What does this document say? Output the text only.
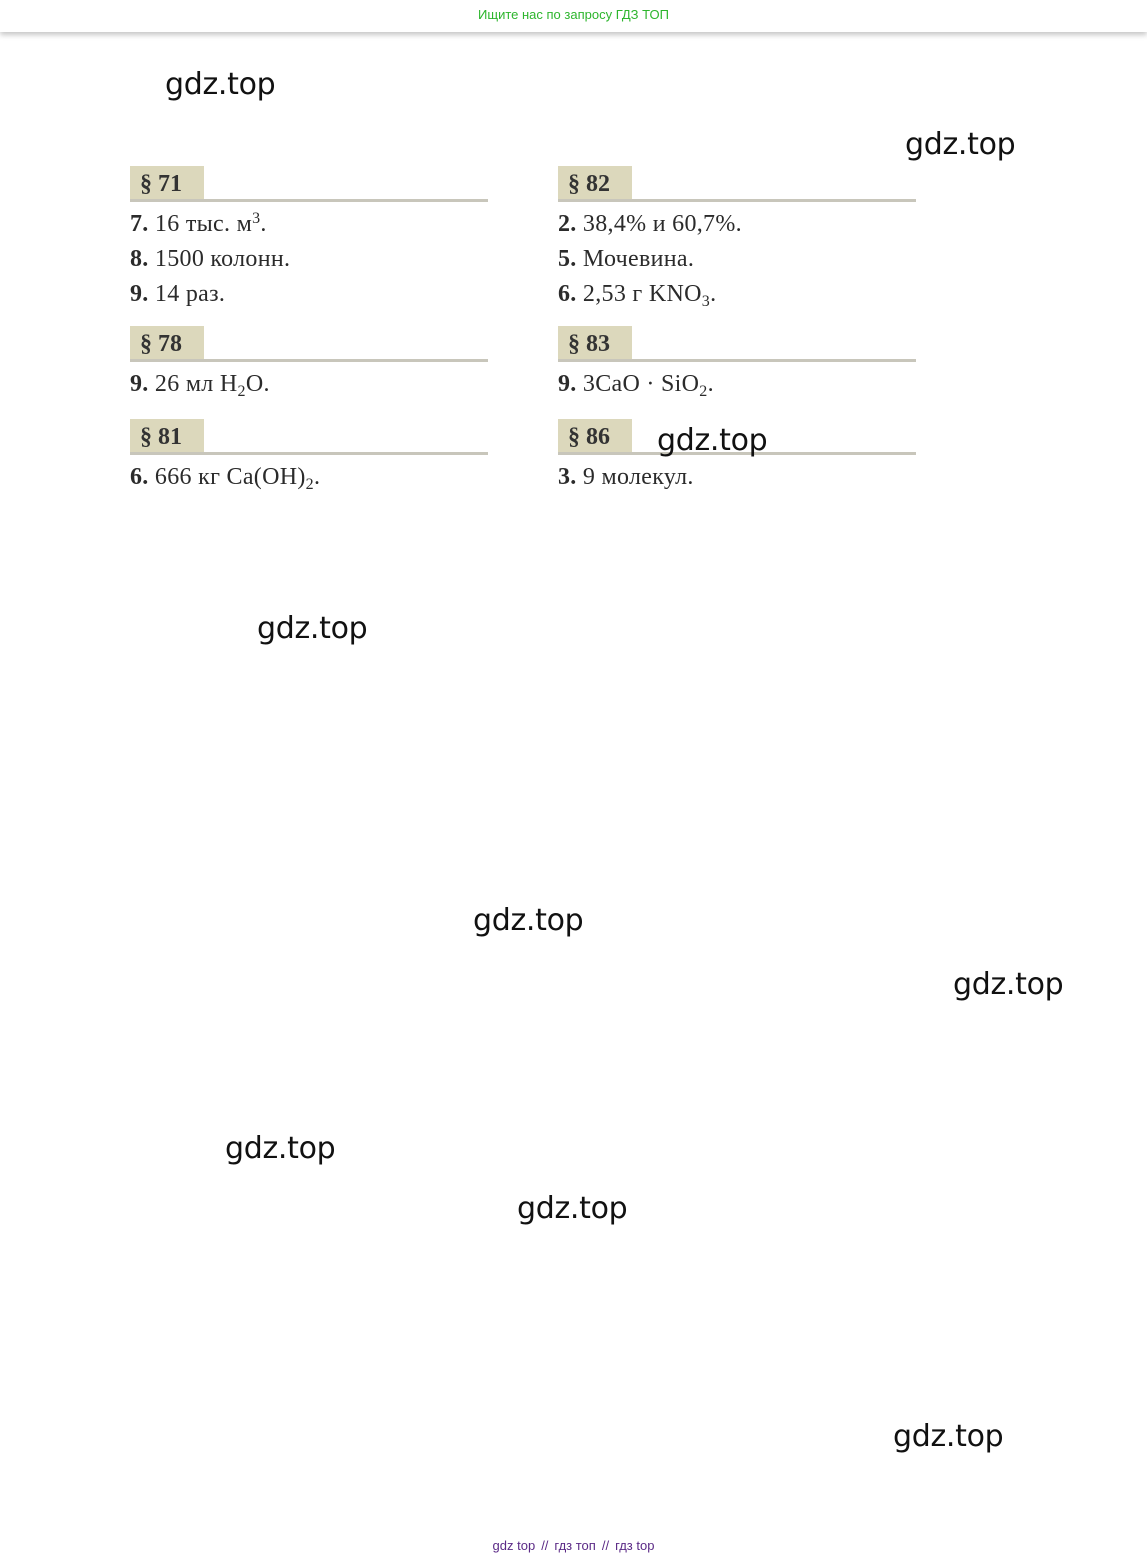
Ищите нас по запросу ГДЗ ТОП
gdz.top
gdz.top
gdz.top
gdz.top
gdz.top
gdz.top
gdz.top
gdz.top
gdz.top
§ 71
7. 16 тыс. $м^3$.
8. 1500 колонн.
9. 14 раз.
§ 78
9. 26 мл $H_2O$.
§ 81
6. 666 кг $Ca(OH)_2$.
§ 82
2. 38,4% и 60,7%.
5. Мочевина.
6. 2,53 г $KNO_3$.
§ 83
9. 3CaO · SiO$_2$.
§ 86
3. 9 молекул.
gdz top // гдз топ // гдз top
